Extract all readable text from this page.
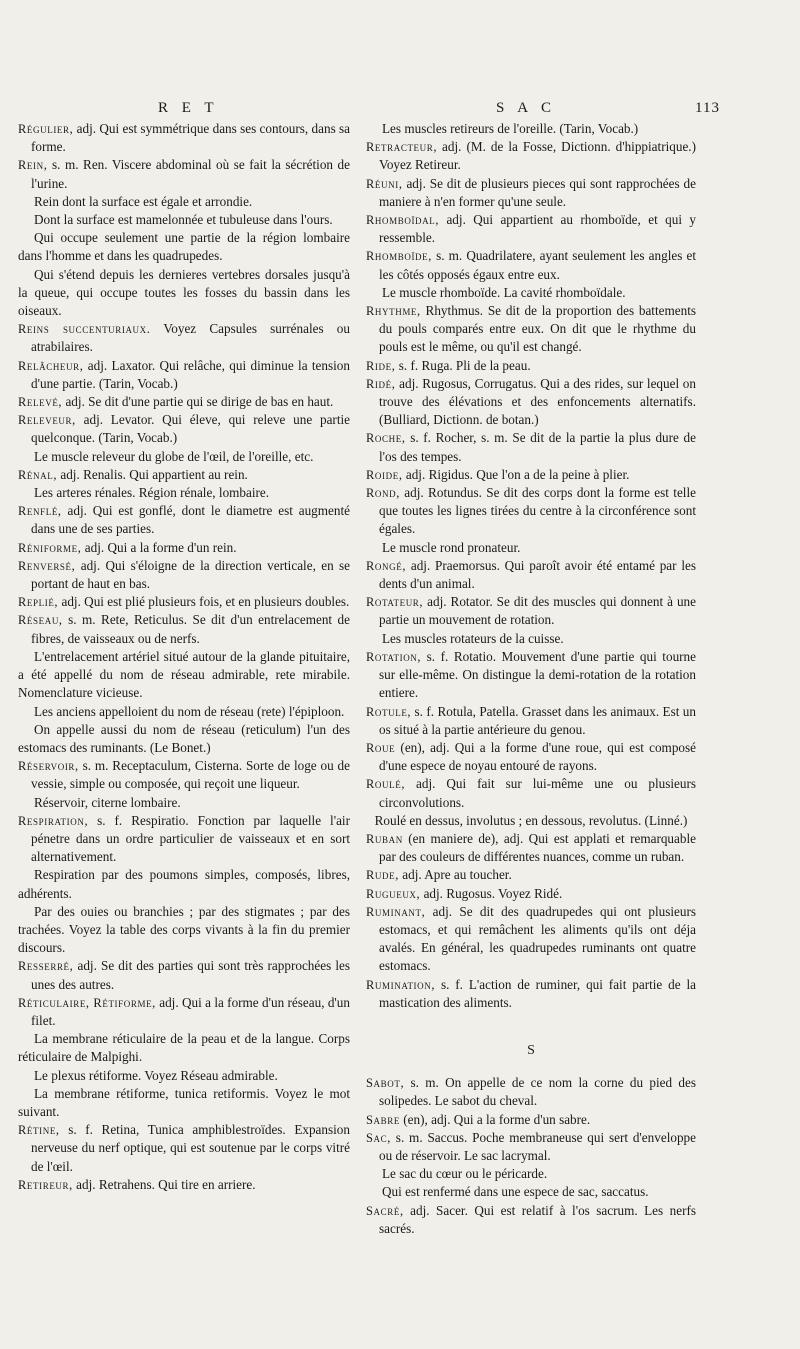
R E T	S A C	113

Régulier, adj. Qui est symmétrique dans ses contours, dans sa forme.

Rein, s. m. Ren. Viscere abdominal où se fait la sécrétion de l'urine.

Rein dont la surface est égale et arrondie.

Dont la surface est mamelonnée et tubuleuse dans l'ours.

Qui occupe seulement une partie de la région lombaire dans l'homme et dans les quadrupedes.

Qui s'étend depuis les dernieres vertebres dorsales jusqu'à la queue, qui occupe toutes les fosses du bassin dans les oiseaux.

Reins succenturiaux. Voyez Capsules surrénales ou atrabilaires.

Relâcheur, adj. Laxator. Qui relâche, qui diminue la tension d'une partie. (Tarin, Vocab.)

Relevé, adj. Se dit d'une partie qui se dirige de bas en haut.

Releveur, adj. Levator. Qui éleve, qui releve une partie quelconque. (Tarin, Vocab.)

Le muscle releveur du globe de l'œil, de l'oreille, etc.

Rénal, adj. Renalis. Qui appartient au rein.

Les arteres rénales. Région rénale, lombaire.

Renflé, adj. Qui est gonflé, dont le diametre est augmenté dans une de ses parties.

Réniforme, adj. Qui a la forme d'un rein.

Renversé, adj. Qui s'éloigne de la direction verticale, en se portant de haut en bas.

Replié, adj. Qui est plié plusieurs fois, et en plusieurs doubles.

Réseau, s. m. Rete, Reticulus. Se dit d'un entrelacement de fibres, de vaisseaux ou de nerfs.

L'entrelacement artériel situé autour de la glande pituitaire, a été appellé du nom de réseau admirable, rete mirabile. Nomenclature vicieuse.

Les anciens appelloient du nom de réseau (rete) l'épiploon.

On appelle aussi du nom de réseau (reticulum) l'un des estomacs des ruminants. (Le Bonet.)

Réservoir, s. m. Receptaculum, Cisterna. Sorte de loge ou de vessie, simple ou composée, qui reçoit une liqueur.

Réservoir, citerne lombaire.

Respiration, s. f. Respiratio. Fonction par laquelle l'air pénetre dans un ordre particulier de vaisseaux et en sort alternativement.

Respiration par des poumons simples, composés, libres, adhérents.

Par des ouies ou branchies ; par des stigmates ; par des trachées. Voyez la table des corps vivants à la fin du premier discours.

Resserré, adj. Se dit des parties qui sont très rapprochées les unes des autres.

Réticulaire, Rétiforme, adj. Qui a la forme d'un réseau, d'un filet.

La membrane réticulaire de la peau et de la langue. Corps réticulaire de Malpighi.

Le plexus rétiforme. Voyez Réseau admirable.

La membrane rétiforme, tunica retiformis. Voyez le mot suivant.

Rétine, s. f. Retina, Tunica amphiblestroïdes. Expansion nerveuse du nerf optique, qui est soutenue par le corps vitré de l'œil.

Retireur, adj. Retrahens. Qui tire en arriere.

Les muscles retireurs de l'oreille. (Tarin, Vocab.)

Retracteur, adj. (M. de la Fosse, Dictionn. d'hippiatrique.) Voyez Retireur.

Réuni, adj. Se dit de plusieurs pieces qui sont rapprochées de maniere à n'en former qu'une seule.

Rhomboïdal, adj. Qui appartient au rhomboïde, et qui y ressemble.

Rhomboïde, s. m. Quadrilatere, ayant seulement les angles et les côtés opposés égaux entre eux.

Le muscle rhomboïde. La cavité rhomboïdale.

Rhythme, Rhythmus. Se dit de la proportion des battements du pouls comparés entre eux. On dit que le rhythme du pouls est le même, ou qu'il est changé.

Ride, s. f. Ruga. Pli de la peau.

Ridé, adj. Rugosus, Corrugatus. Qui a des rides, sur lequel on trouve des élévations et des enfoncements alternatifs. (Bulliard, Dictionn. de botan.)

Roche, s. f. Rocher, s. m. Se dit de la partie la plus dure de l'os des tempes.

Roide, adj. Rigidus. Que l'on a de la peine à plier.

Rond, adj. Rotundus. Se dit des corps dont la forme est telle que toutes les lignes tirées du centre à la circonférence sont égales.

Le muscle rond pronateur.

Rongé, adj. Praemorsus. Qui paroît avoir été entamé par les dents d'un animal.

Rotateur, adj. Rotator. Se dit des muscles qui donnent à une partie un mouvement de rotation.

Les muscles rotateurs de la cuisse.

Rotation, s. f. Rotatio. Mouvement d'une partie qui tourne sur elle-même. On distingue la demi-rotation de la rotation entiere.

Rotule, s. f. Rotula, Patella. Grasset dans les animaux. Est un os situé à la partie antérieure du genou.

Roue (en), adj. Qui a la forme d'une roue, qui est composé d'une espece de noyau entouré de rayons.

Roulé, adj. Qui fait sur lui-même une ou plusieurs circonvolutions.

Roulé en dessus, involutus ; en dessous, revolutus. (Linné.)

Ruban (en maniere de), adj. Qui est applati et remarquable par des couleurs de différentes nuances, comme un ruban.

Rude, adj. Apre au toucher.

Rugueux, adj. Rugosus. Voyez Ridé.

Ruminant, adj. Se dit des quadrupedes qui ont plusieurs estomacs, et qui remâchent les aliments qu'ils ont déja avalés. En général, les quadrupedes ruminants ont quatre estomacs.

Rumination, s. f. L'action de ruminer, qui fait partie de la mastication des aliments.

S

Sabot, s. m. On appelle de ce nom la corne du pied des solipedes. Le sabot du cheval.

Sabre (en), adj. Qui a la forme d'un sabre.

Sac, s. m. Saccus. Poche membraneuse qui sert d'enveloppe ou de réservoir. Le sac lacrymal.

Le sac du cœur ou le péricarde.

Qui est renfermé dans une espece de sac, saccatus.

Sacré, adj. Sacer. Qui est relatif à l'os sacrum. Les nerfs sacrés.
